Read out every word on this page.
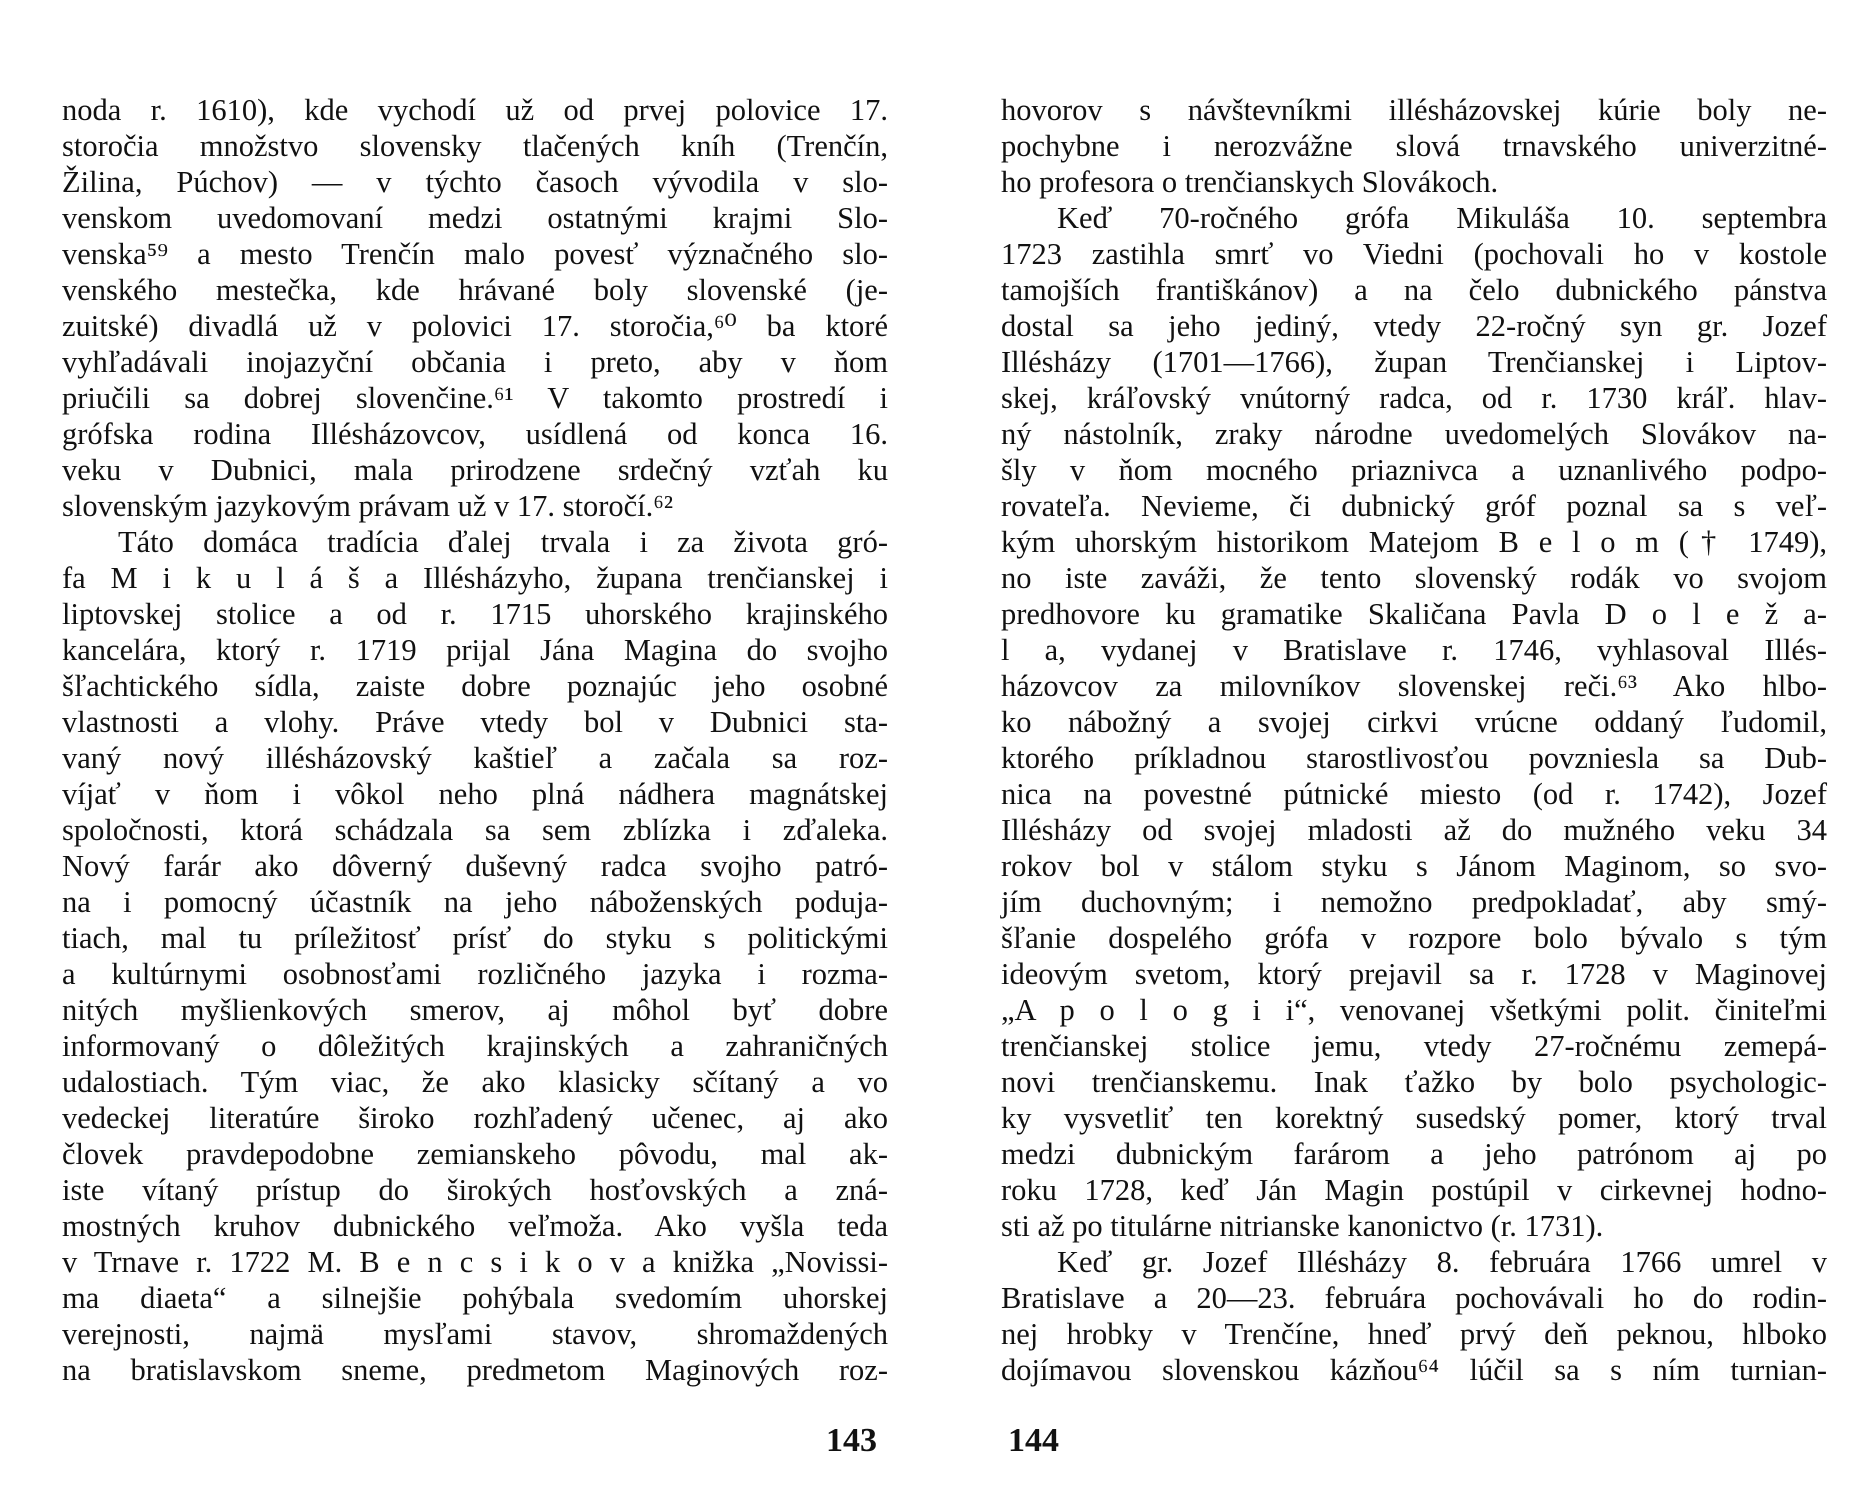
noda r. 1610), kde vychodí už od prvej polovice 17.
storočia množstvo slovensky tlačených kníh (Trenčín,
Žilina, Púchov) — v týchto časoch vývodila v slo-
venskom uvedomovaní medzi ostatnými krajmi Slo-
venska⁵⁹ a mesto Trenčín malo povesť význačného slo-
venského mestečka, kde hrávané boly slovenské (je-
zuitské) divadlá už v polovici 17. storočia,⁶⁰ ba ktoré
vyhľadávali inojazyční občania i preto, aby v ňom
priučili sa dobrej slovenčine.⁶¹ V takomto prostredí i
grófska rodina Illésházovcov, usídlená od konca 16.
veku v Dubnici, mala prirodzene srdečný vzťah ku
slovenským jazykovým právam už v 17. storočí.⁶²
Táto domáca tradícia ďalej trvala i za života gró-
fa M i k u l á š a Illésházyho, župana trenčianskej i
liptovskej stolice a od r. 1715 uhorského krajinského
kancelára, ktorý r. 1719 prijal Jána Magina do svojho
šľachtického sídla, zaiste dobre poznajúc jeho osobné
vlastnosti a vlohy. Práve vtedy bol v Dubnici sta-
vaný nový illésházovský kaštieľ a začala sa roz-
víjať v ňom i vôkol neho plná nádhera magnátskej
spoločnosti, ktorá schádzala sa sem zblízka i zďaleka.
Nový farár ako dôverný duševný radca svojho patró-
na i pomocný účastník na jeho náboženských poduja-
tiach, mal tu príležitosť prísť do styku s politickými
a kultúrnymi osobnosťami rozličného jazyka i rozma-
nitých myšlienkových smerov, aj môhol byť dobre
informovaný o dôležitých krajinských a zahraničných
udalostiach. Tým viac, že ako klasicky sčítaný a vo
vedeckej literatúre široko rozhľadený učenec, aj ako
človek pravdepodobne zemianskeho pôvodu, mal ak-
iste vítaný prístup do širokých hosťovských a zná-
mostných kruhov dubnického veľmoža. Ako vyšla teda
v Trnave r. 1722 M. B e n c s i k o v a knižka „Novissi-
ma diaeta“ a silnejšie pohýbala svedomím uhorskej
verejnosti, najmä mysľami stavov, shromaždených
na bratislavskom sneme, predmetom Maginových roz-
143
hovorov s návštevníkmi illésházovskej kúrie boly ne-
pochybne i nerozvážne slová trnavského univerzitné-
ho profesora o trenčianskych Slovákoch.
Keď 70-ročného grófa Mikuláša 10. septembra
1723 zastihla smrť vo Viedni (pochovali ho v kostole
tamojších františkánov) a na čelo dubnického pánstva
dostal sa jeho jediný, vtedy 22-ročný syn gr. Jozef
Illésházy (1701—1766), župan Trenčianskej i Liptov-
skej, kráľovský vnútorný radca, od r. 1730 kráľ. hlav-
ný nástolník, zraky národne uvedomelých Slovákov na-
šly v ňom mocného priaznivca a uznanlivého podpo-
rovateľa. Nevieme, či dubnický gróf poznal sa s veľ-
kým uhorským historikom Matejom B e l o m († 1749),
no iste zaváži, že tento slovenský rodák vo svojom
predhovore ku gramatike Skaličana Pavla D o l e ž a-
l a, vydanej v Bratislave r. 1746, vyhlasoval Illés-
házovcov za milovníkov slovenskej reči.⁶³ Ako hlbo-
ko nábožný a svojej cirkvi vrúcne oddaný ľudomil,
ktorého príkladnou starostlivosťou povzniesla sa Dub-
nica na povestné pútnické miesto (od r. 1742), Jozef
Illésházy od svojej mladosti až do mužného veku 34
rokov bol v stálom styku s Jánom Maginom, so svo-
jím duchovným; i nemožno predpokladať, aby smý-
šľanie dospelého grófa v rozpore bolo bývalo s tým
ideovým svetom, ktorý prejavil sa r. 1728 v Maginovej
„A p o l o g i i“, venovanej všetkými polit. činiteľmi
trenčianskej stolice jemu, vtedy 27-ročnému zemepá-
novi trenčianskemu. Inak ťažko by bolo psychologic-
ky vysvetliť ten korektný susedský pomer, ktorý trval
medzi dubnickým farárom a jeho patrónom aj po
roku 1728, keď Ján Magin postúpil v cirkevnej hodno-
sti až po titulárne nitrianske kanonictvo (r. 1731).
Keď gr. Jozef Illésházy 8. februára 1766 umrel v
Bratislave a 20—23. februára pochovávali ho do rodin-
nej hrobky v Trenčíne, hneď prvý deň peknou, hlboko
dojímavou slovenskou kázňou⁶⁴ lúčil sa s ním turnian-
144
